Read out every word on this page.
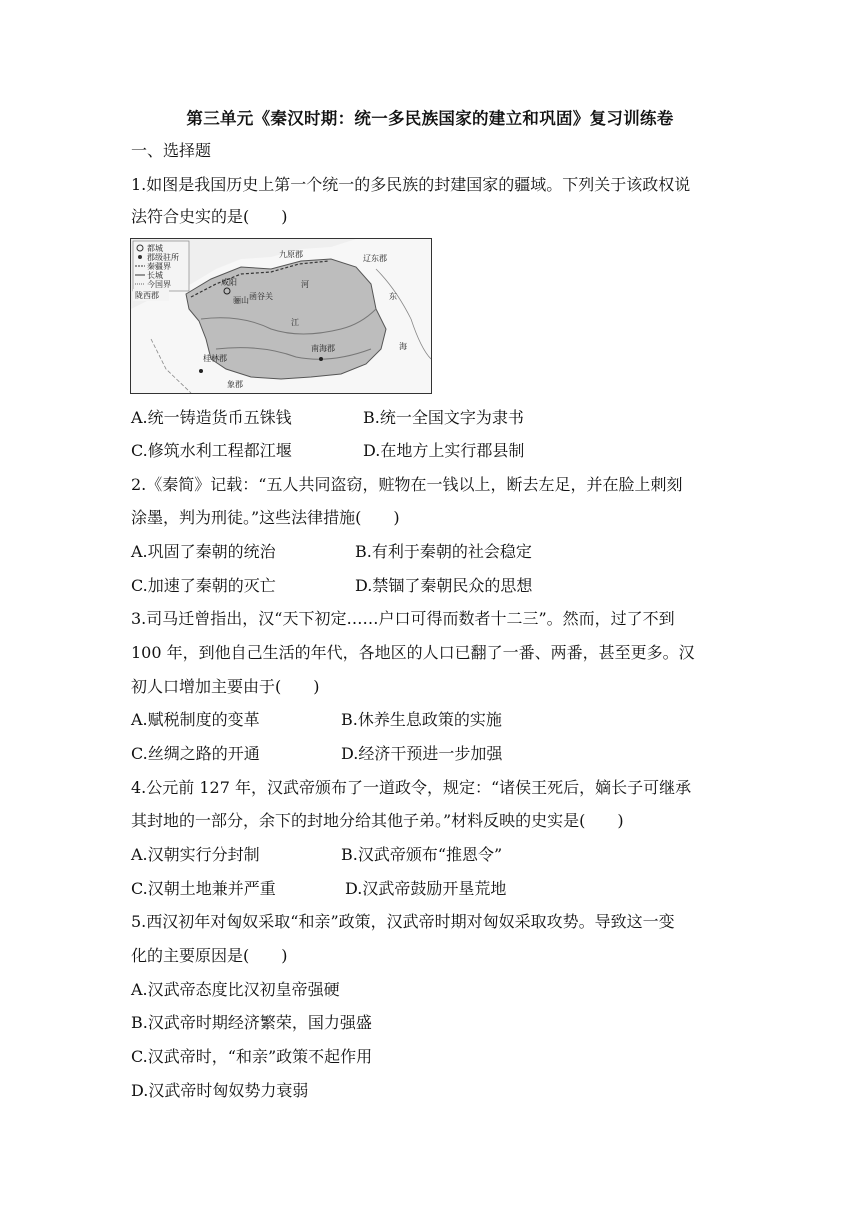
第三单元《秦汉时期：统一多民族国家的建立和巩固》复习训练卷
一、选择题
1.如图是我国历史上第一个统一的多民族的封建国家的疆域。下列关于该政权说
法符合史实的是(　　)
都城
郡级驻所
秦疆界
长城
今国界
九原郡	辽东郡
陇西郡
咸阳
函谷关
骊山
桂林郡
南海郡
象郡
东
海
河
江
A.统一铸造货币五铢钱	B.统一全国文字为隶书
C.修筑水利工程都江堰	D.在地方上实行郡县制
2.《秦简》记载：“五人共同盗窃，赃物在一钱以上，断去左足，并在脸上刺刻
涂墨，判为刑徒。”这些法律措施(　　)
A.巩固了秦朝的统治	B.有利于秦朝的社会稳定
C.加速了秦朝的灭亡	D.禁锢了秦朝民众的思想
3.司马迁曾指出，汉“天下初定……户口可得而数者十二三”。然而，过了不到
100 年，到他自己生活的年代，各地区的人口已翻了一番、两番，甚至更多。汉
初人口增加主要由于(　　)
A.赋税制度的变革	B.休养生息政策的实施
C.丝绸之路的开通	D.经济干预进一步加强
4.公元前 127 年，汉武帝颁布了一道政令，规定：“诸侯王死后，嫡长子可继承
其封地的一部分，余下的封地分给其他子弟。”材料反映的史实是(　　)
A.汉朝实行分封制	B.汉武帝颁布“推恩令”
C.汉朝土地兼并严重	D.汉武帝鼓励开垦荒地
5.西汉初年对匈奴采取“和亲”政策，汉武帝时期对匈奴采取攻势。导致这一变
化的主要原因是(　　)
A.汉武帝态度比汉初皇帝强硬
B.汉武帝时期经济繁荣，国力强盛
C.汉武帝时，“和亲”政策不起作用
D.汉武帝时匈奴势力衰弱
